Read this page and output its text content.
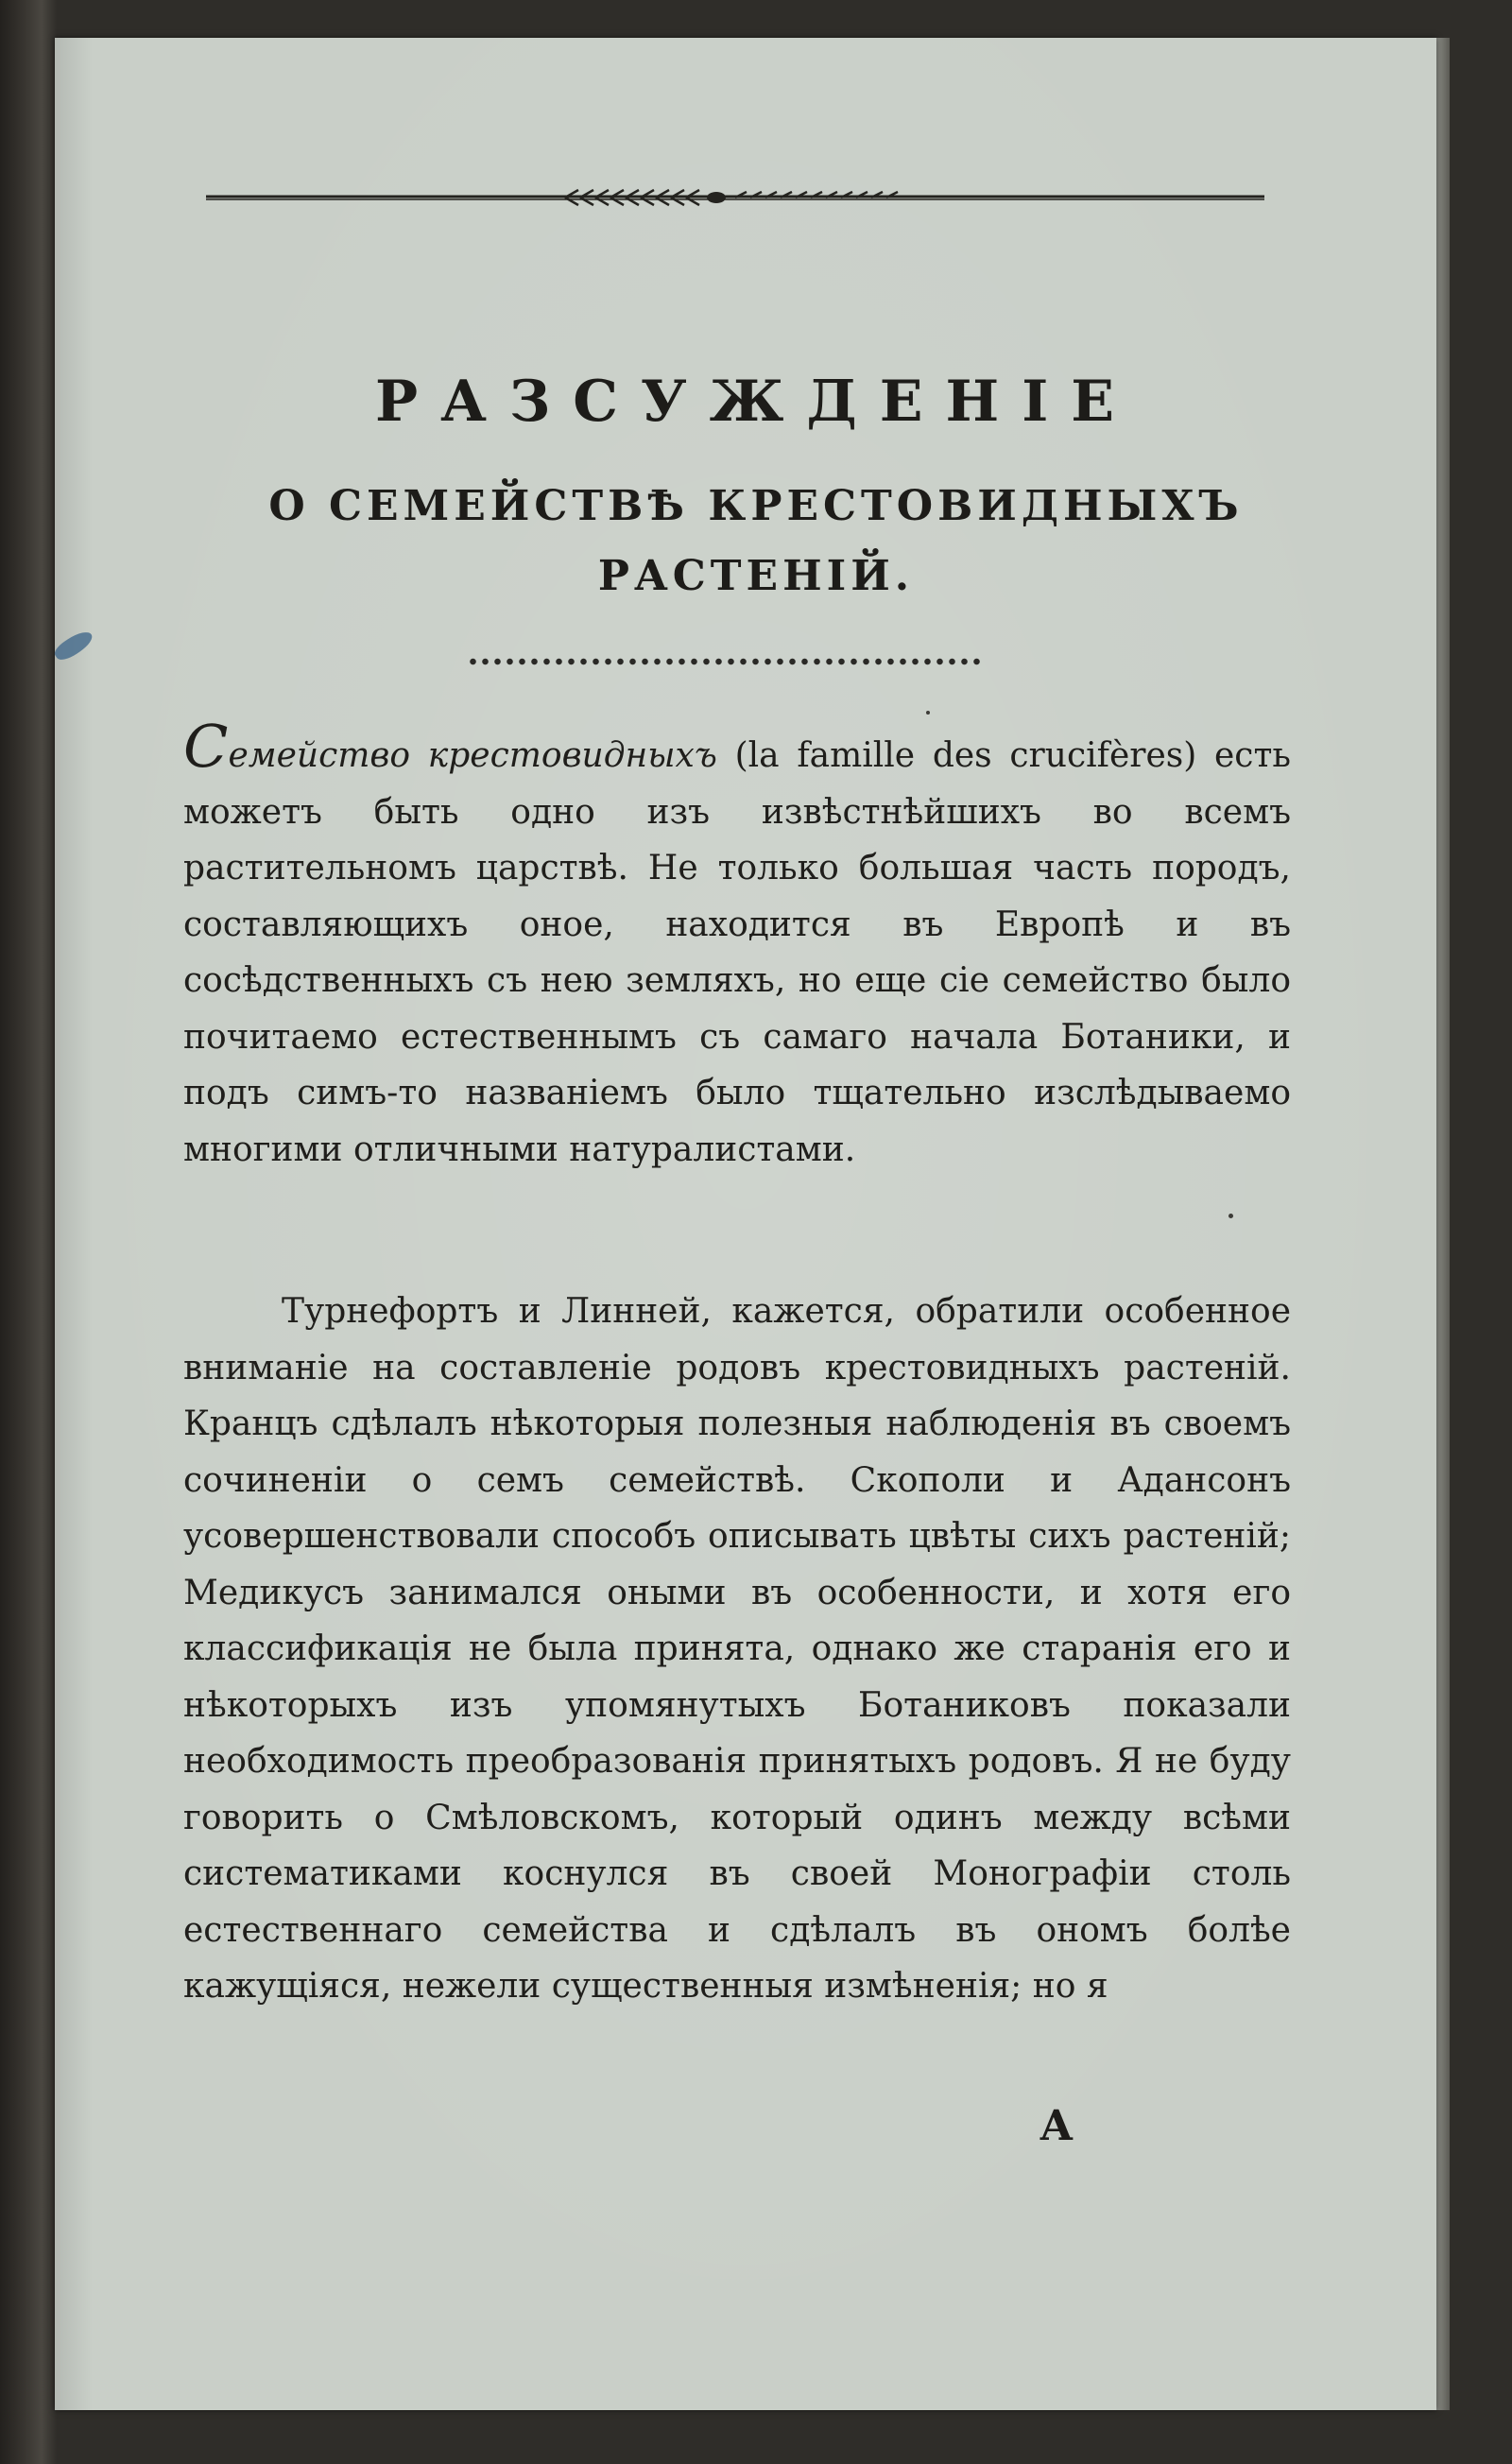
РАЗСУЖДЕНІЕ
О СЕМЕЙСТВѢ КРЕСТОВИДНЫХЪ
РАСТЕНІЙ.
Семейство крестовидныхъ (la famille des crucifères) есть можетъ быть одно изъ извѣстнѣйшихъ во всемъ растительномъ царствѣ. Не только большая часть породъ, составляющихъ оное, находится въ Европѣ и въ сосѣдственныхъ съ нею земляхъ, но еще сіе семейство было почитаемо естественнымъ съ самаго начала Ботаники, и подъ симъ-то названіемъ было тщательно изслѣдываемо многими отличными натуралистами.
Турнефортъ и Линней, кажется, обратили особенное вниманіе на составленіе родовъ крестовидныхъ растеній. Кранцъ сдѣлалъ нѣкоторыя полезныя наблюденія въ своемъ сочиненіи о семъ семействѣ. Скополи и Адансонъ усовершенствовали способъ описывать цвѣты сихъ растеній; Медикусъ занимался оными въ особенности, и хотя его классификація не была принята, однако же старанія его и нѣкоторыхъ изъ упомянутыхъ Ботаниковъ показали необходимость преобразованія принятыхъ родовъ. Я не буду говорить о Смѣловскомъ, который одинъ между всѣми систематиками коснулся въ своей Монографіи столь естественнаго семейства и сдѣлалъ въ ономъ болѣе кажущіяся, нежели существенныя измѣненія; но я
А
